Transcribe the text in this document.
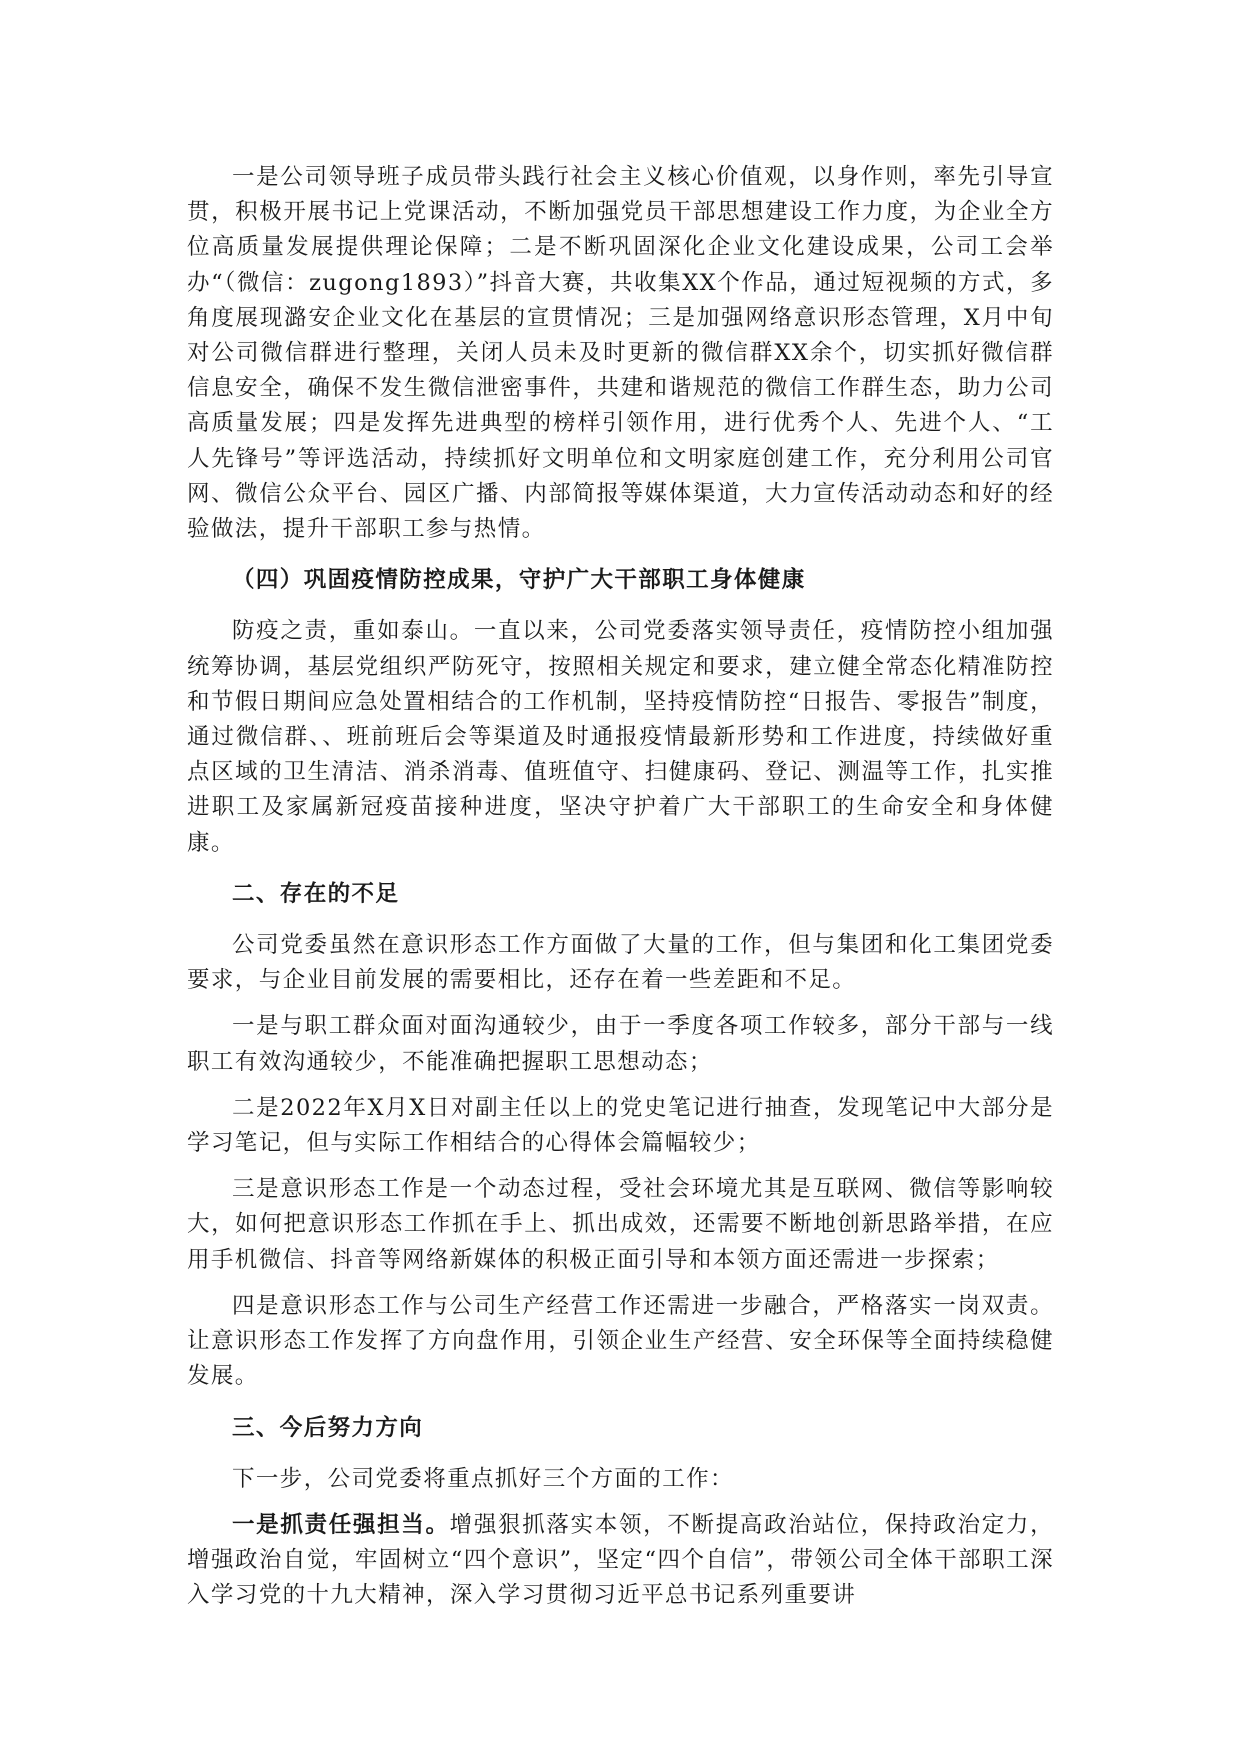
一是公司领导班子成员带头践行社会主义核心价值观，以身作则，率先引导宣贯，积极开展书记上党课活动，不断加强党员干部思想建设工作力度，为企业全方位高质量发展提供理论保障；二是不断巩固深化企业文化建设成果，公司工会举办“（微信：zugong1893）”抖音大赛，共收集XX个作品，通过短视频的方式，多角度展现潞安企业文化在基层的宣贯情况；三是加强网络意识形态管理，X月中旬对公司微信群进行整理，关闭人员未及时更新的微信群XX余个，切实抓好微信群信息安全，确保不发生微信泄密事件，共建和谐规范的微信工作群生态，助力公司高质量发展；四是发挥先进典型的榜样引领作用，进行优秀个人、先进个人、“工人先锋号”等评选活动，持续抓好文明单位和文明家庭创建工作，充分利用公司官网、微信公众平台、园区广播、内部简报等媒体渠道，大力宣传活动动态和好的经验做法，提升干部职工参与热情。

（四）巩固疫情防控成果，守护广大干部职工身体健康

防疫之责，重如泰山。一直以来，公司党委落实领导责任，疫情防控小组加强统筹协调，基层党组织严防死守，按照相关规定和要求，建立健全常态化精准防控和节假日期间应急处置相结合的工作机制，坚持疫情防控“日报告、零报告”制度，通过微信群、、班前班后会等渠道及时通报疫情最新形势和工作进度，持续做好重点区域的卫生清洁、消杀消毒、值班值守、扫健康码、登记、测温等工作，扎实推进职工及家属新冠疫苗接种进度，坚决守护着广大干部职工的生命安全和身体健康。

二、存在的不足

公司党委虽然在意识形态工作方面做了大量的工作，但与集团和化工集团党委要求，与企业目前发展的需要相比，还存在着一些差距和不足。

一是与职工群众面对面沟通较少，由于一季度各项工作较多，部分干部与一线职工有效沟通较少，不能准确把握职工思想动态；

二是2022年X月X日对副主任以上的党史笔记进行抽查，发现笔记中大部分是学习笔记，但与实际工作相结合的心得体会篇幅较少；

三是意识形态工作是一个动态过程，受社会环境尤其是互联网、微信等影响较大，如何把意识形态工作抓在手上、抓出成效，还需要不断地创新思路举措，在应用手机微信、抖音等网络新媒体的积极正面引导和本领方面还需进一步探索；

四是意识形态工作与公司生产经营工作还需进一步融合，严格落实一岗双责。让意识形态工作发挥了方向盘作用，引领企业生产经营、安全环保等全面持续稳健发展。

三、今后努力方向

下一步，公司党委将重点抓好三个方面的工作：

一是抓责任强担当。增强狠抓落实本领，不断提高政治站位，保持政治定力，增强政治自觉，牢固树立“四个意识”，坚定“四个自信”，带领公司全体干部职工深入学习党的十九大精神，深入学习贯彻习近平总书记系列重要讲
